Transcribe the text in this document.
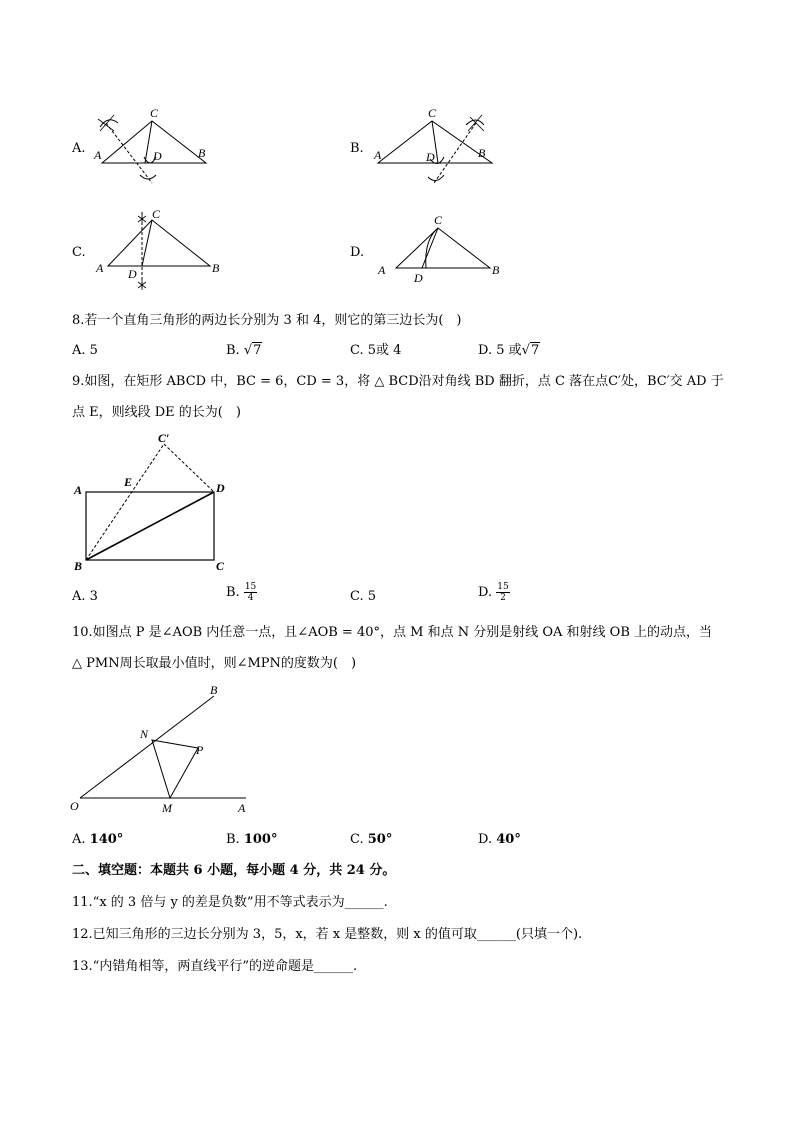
A.
C
A	D	B	B.
C
A	D	B
C.
C
A D	B
D.
C
A
D
B
8.若一个直角三角形的两边长分别为 3 和 4，则它的第三边长为(　)
A. 5	B. √7	C. 5或 4	D. 5 或√7
9.如图，在矩形 ABCD 中，BC = 6，CD = 3，将 △ BCD沿对角线 BD 翻折，点 C 落在点C′处，BC′交 AD 于
点 E，则线段 DE 的长为(　)
C′
A
E	D
B	C
A. 3	B. $\frac{15}{4}$	C. 5	D. $\frac{15}{2}$
10.如图点 P 是∠AOB 内任意一点，且∠AOB = 40°，点 M 和点 N 分别是射线 OA 和射线 OB 上的动点，当
△ PMN周长取最小值时，则∠MPN的度数为(　)
B
N
P
O	M	A
A. 140°	B. 100°	C. 50°	D. 40°
二、填空题：本题共 6 小题，每小题 4 分，共 24 分。
11.“x 的 3 倍与 y 的差是负数”用不等式表示为______.
12.已知三角形的三边长分别为 3，5，x，若 x 是整数，则 x 的值可取______(只填一个).
13.“内错角相等，两直线平行”的逆命题是______.
